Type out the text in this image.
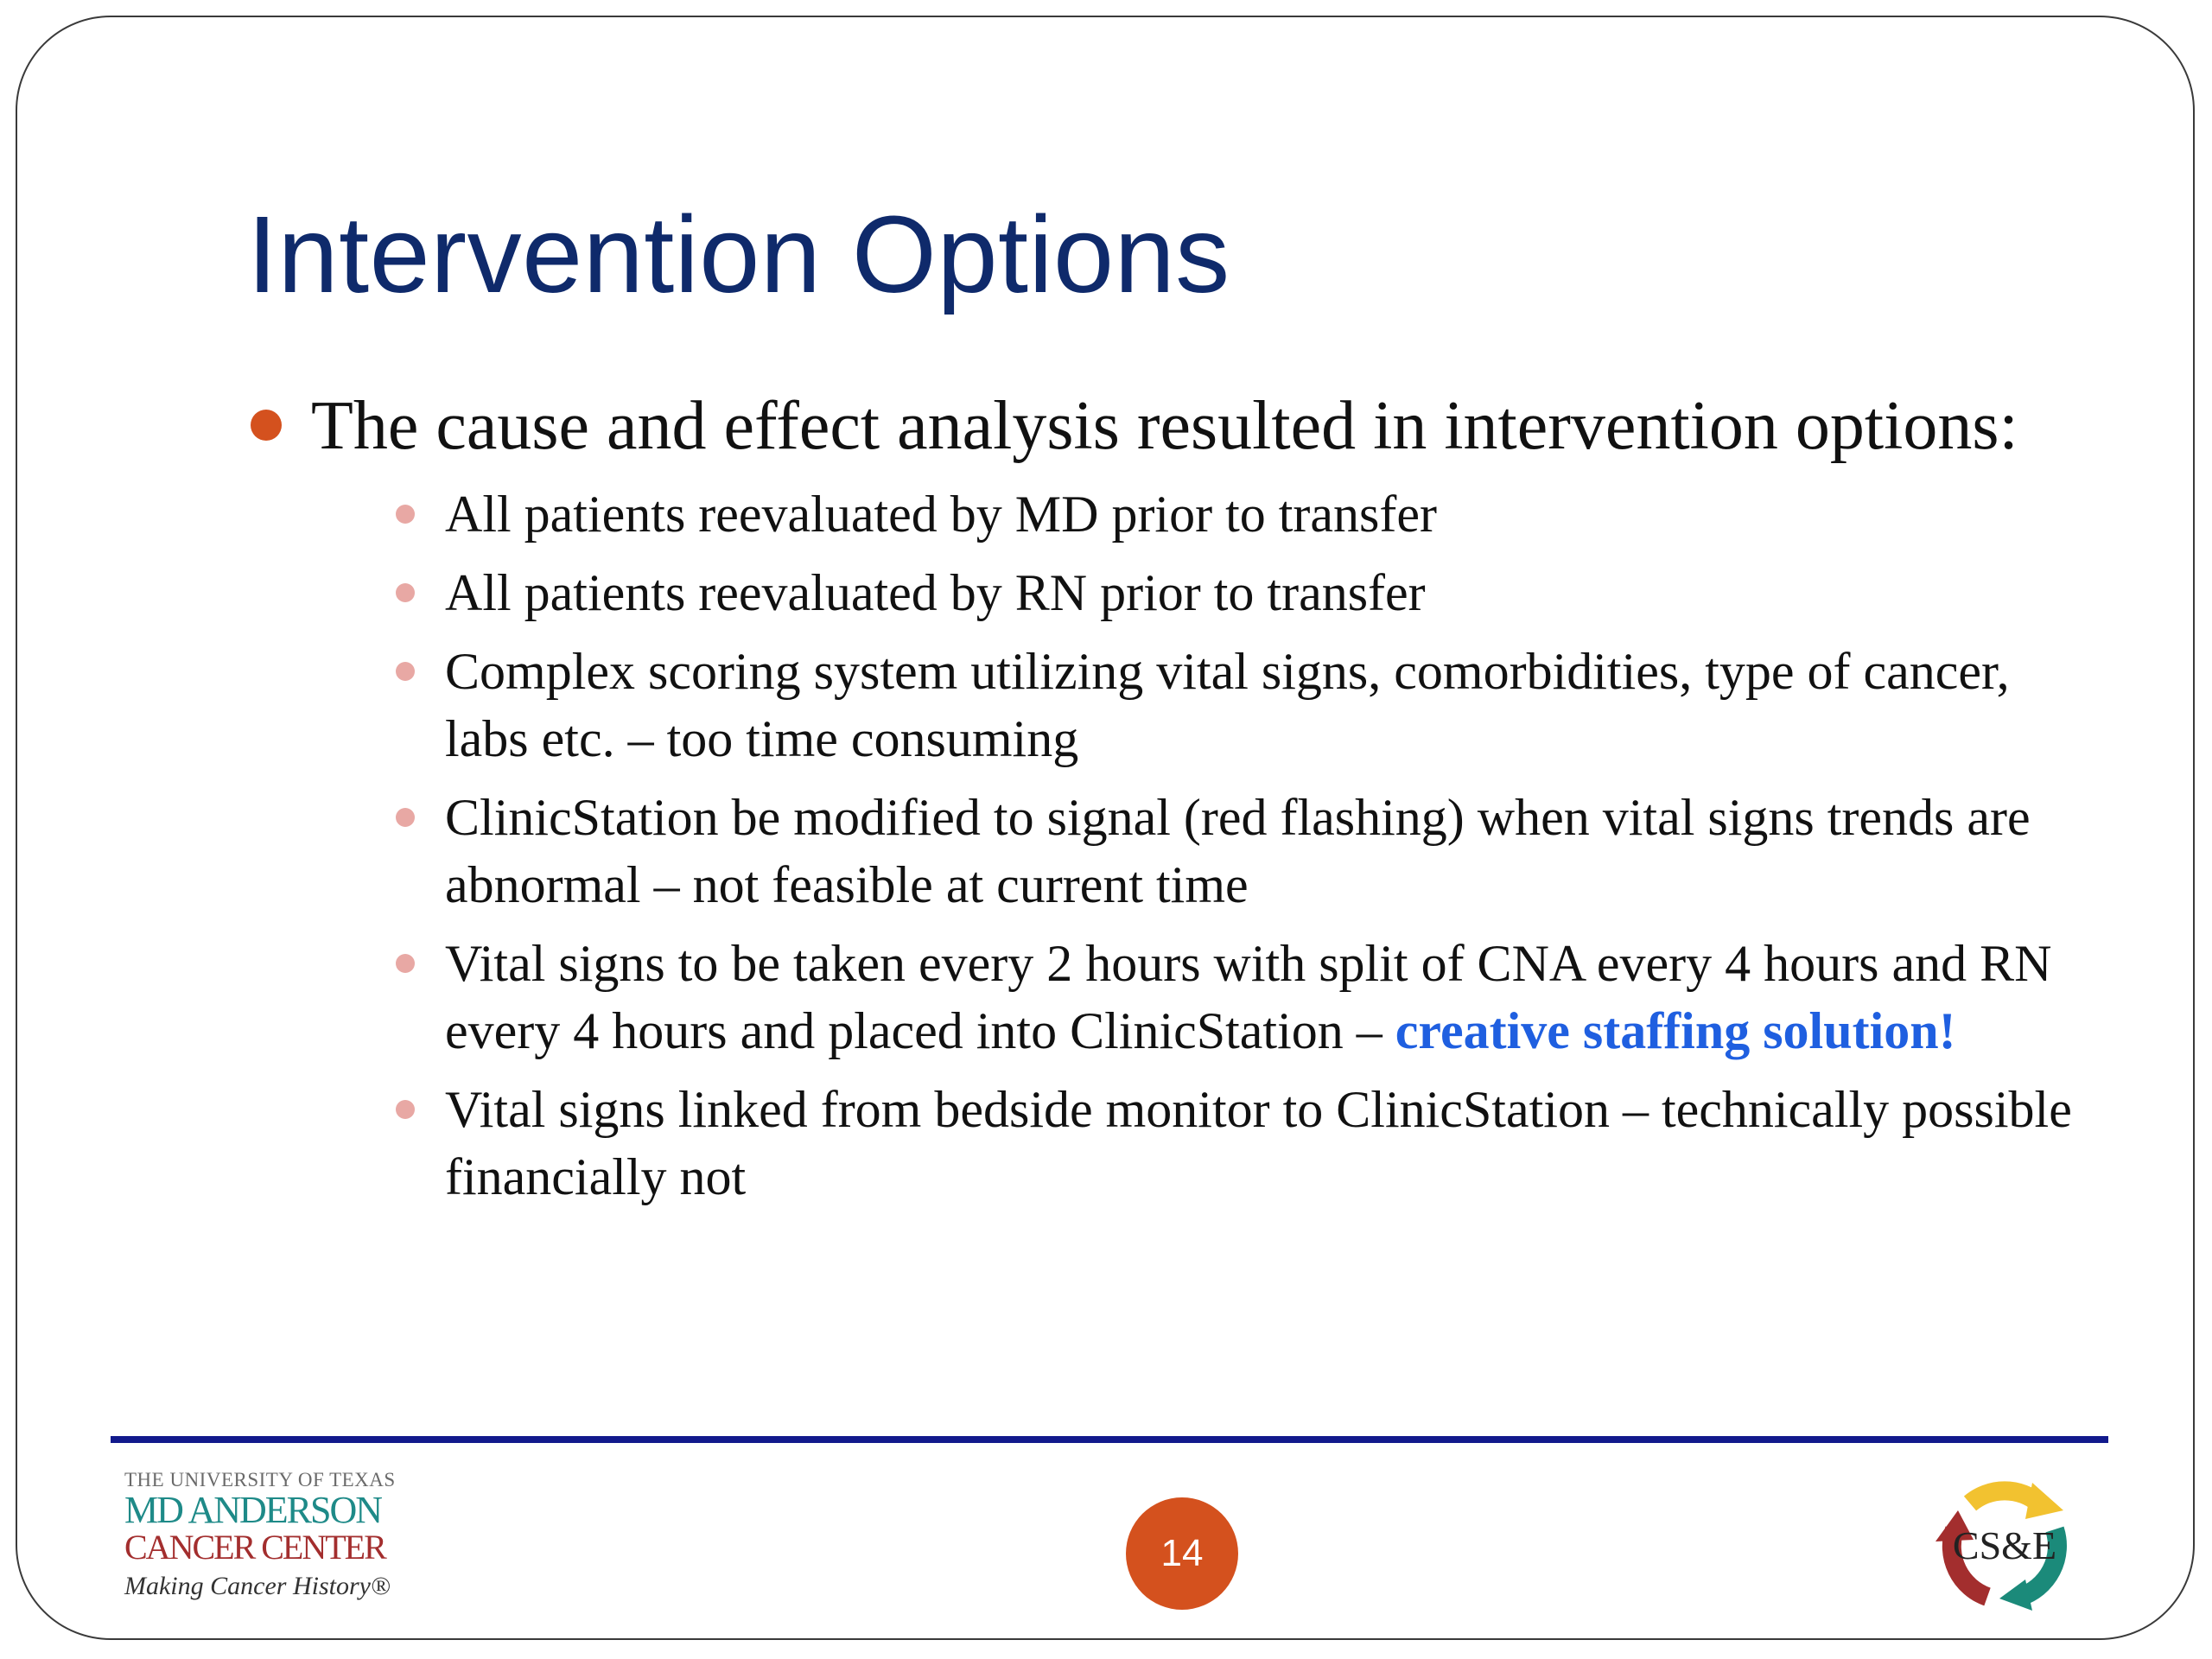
Intervention Options

The cause and effect analysis resulted in intervention options:

All patients reevaluated by MD prior to transfer
All patients reevaluated by RN prior to transfer
Complex scoring system utilizing vital signs, comorbidities, type of cancer, labs etc. – too time consuming
ClinicStation be modified to signal (red flashing) when vital signs trends are abnormal – not feasible at current time
Vital signs to be taken every 2 hours with split of CNA every 4 hours and RN every 4 hours and placed into ClinicStation – creative staffing solution!
Vital signs linked from bedside monitor to ClinicStation – technically possible financially not
THE UNIVERSITY OF TEXAS
MD ANDERSON
CANCER CENTER
Making Cancer History®
14	CS&E
